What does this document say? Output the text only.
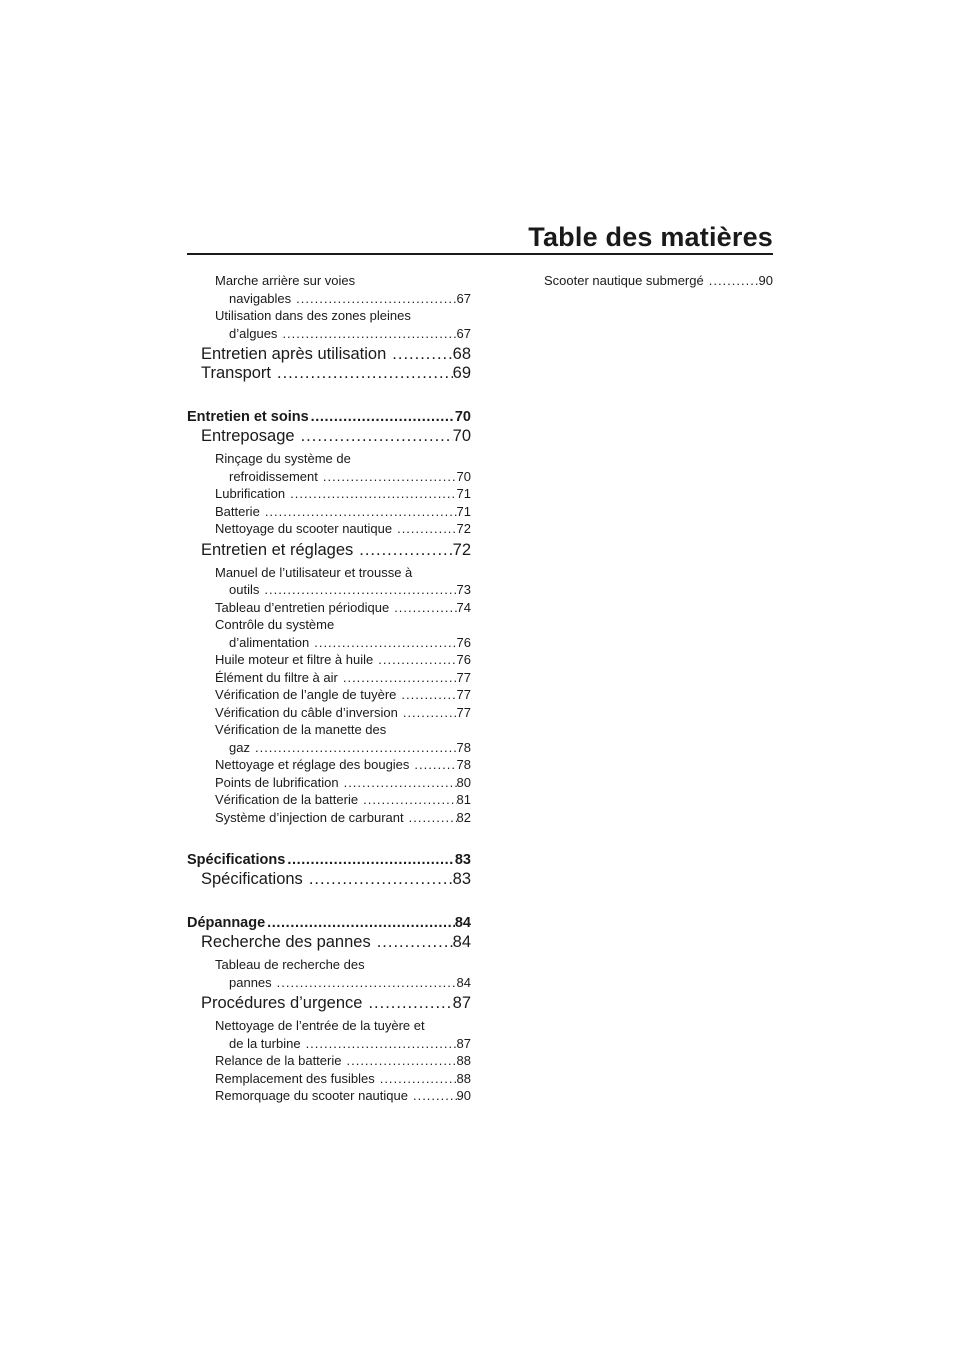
Table des matières
Marche arrière sur voies
navigables .....	67
Utilisation dans des zones pleines
d’algues .....	67
Entretien après utilisation .....	68
Transport .....	69
Entretien et soins .....	70
Entreposage .....	70
Rinçage du système de
refroidissement .....	70
Lubrification .....	71
Batterie .....	71
Nettoyage du scooter nautique .....	72
Entretien et réglages .....	72
Manuel de l’utilisateur et trousse à
outils .....	73
Tableau d’entretien périodique .....	74
Contrôle du système
d’alimentation .....	76
Huile moteur et filtre à huile .....	76
Élément du filtre à air .....	77
Vérification de l’angle de tuyère .....	77
Vérification du câble d’inversion .....	77
Vérification de la manette des
gaz .....	78
Nettoyage et réglage des bougies .....	78
Points de lubrification .....	80
Vérification de la batterie .....	81
Système d’injection de carburant .....	82
Spécifications .....	83
Spécifications .....	83
Dépannage .....	84
Recherche des pannes .....	84
Tableau de recherche des
pannes .....	84
Procédures d’urgence .....	87
Nettoyage de l’entrée de la tuyère et
de la turbine .....	87
Relance de la batterie .....	88
Remplacement des fusibles .....	88
Remorquage du scooter nautique .....	90
Scooter nautique submergé .....	90
